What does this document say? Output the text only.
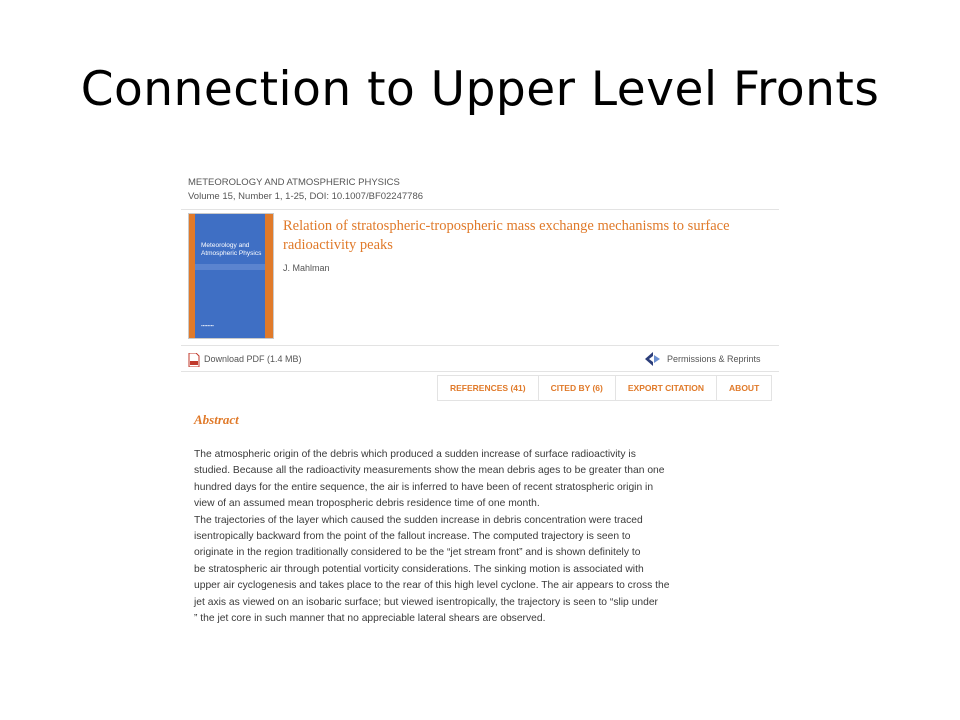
Connection to Upper Level Fronts
METEOROLOGY AND ATMOSPHERIC PHYSICS
Volume 15, Number 1, 1-25, DOI: 10.1007/BF02247786
Meteorology and Atmospheric Physics
▪▪▪▪▪▪▪▪
Relation of stratospheric-tropospheric mass exchange mechanisms to surface radioactivity peaks
J. Mahlman
Download PDF (1.4 MB)	Permissions & Reprints
REFERENCES (41)	CITED BY (6)	EXPORT CITATION	ABOUT
Abstract
The atmospheric origin of the debris which produced a sudden increase of surface radioactivity is
studied. Because all the radioactivity measurements show the mean debris ages to be greater than one
hundred days for the entire sequence, the air is inferred to have been of recent stratospheric origin in
view of an assumed mean tropospheric debris residence time of one month.
The trajectories of the layer which caused the sudden increase in debris concentration were traced
isentropically backward from the point of the fallout increase. The computed trajectory is seen to
originate in the region traditionally considered to be the “jet stream front” and is shown definitely to
be stratospheric air through potential vorticity considerations. The sinking motion is associated with
upper air cyclogenesis and takes place to the rear of this high level cyclone. The air appears to cross the
jet axis as viewed on an isobaric surface; but viewed isentropically, the trajectory is seen to “slip under
” the jet core in such manner that no appreciable lateral shears are observed.
